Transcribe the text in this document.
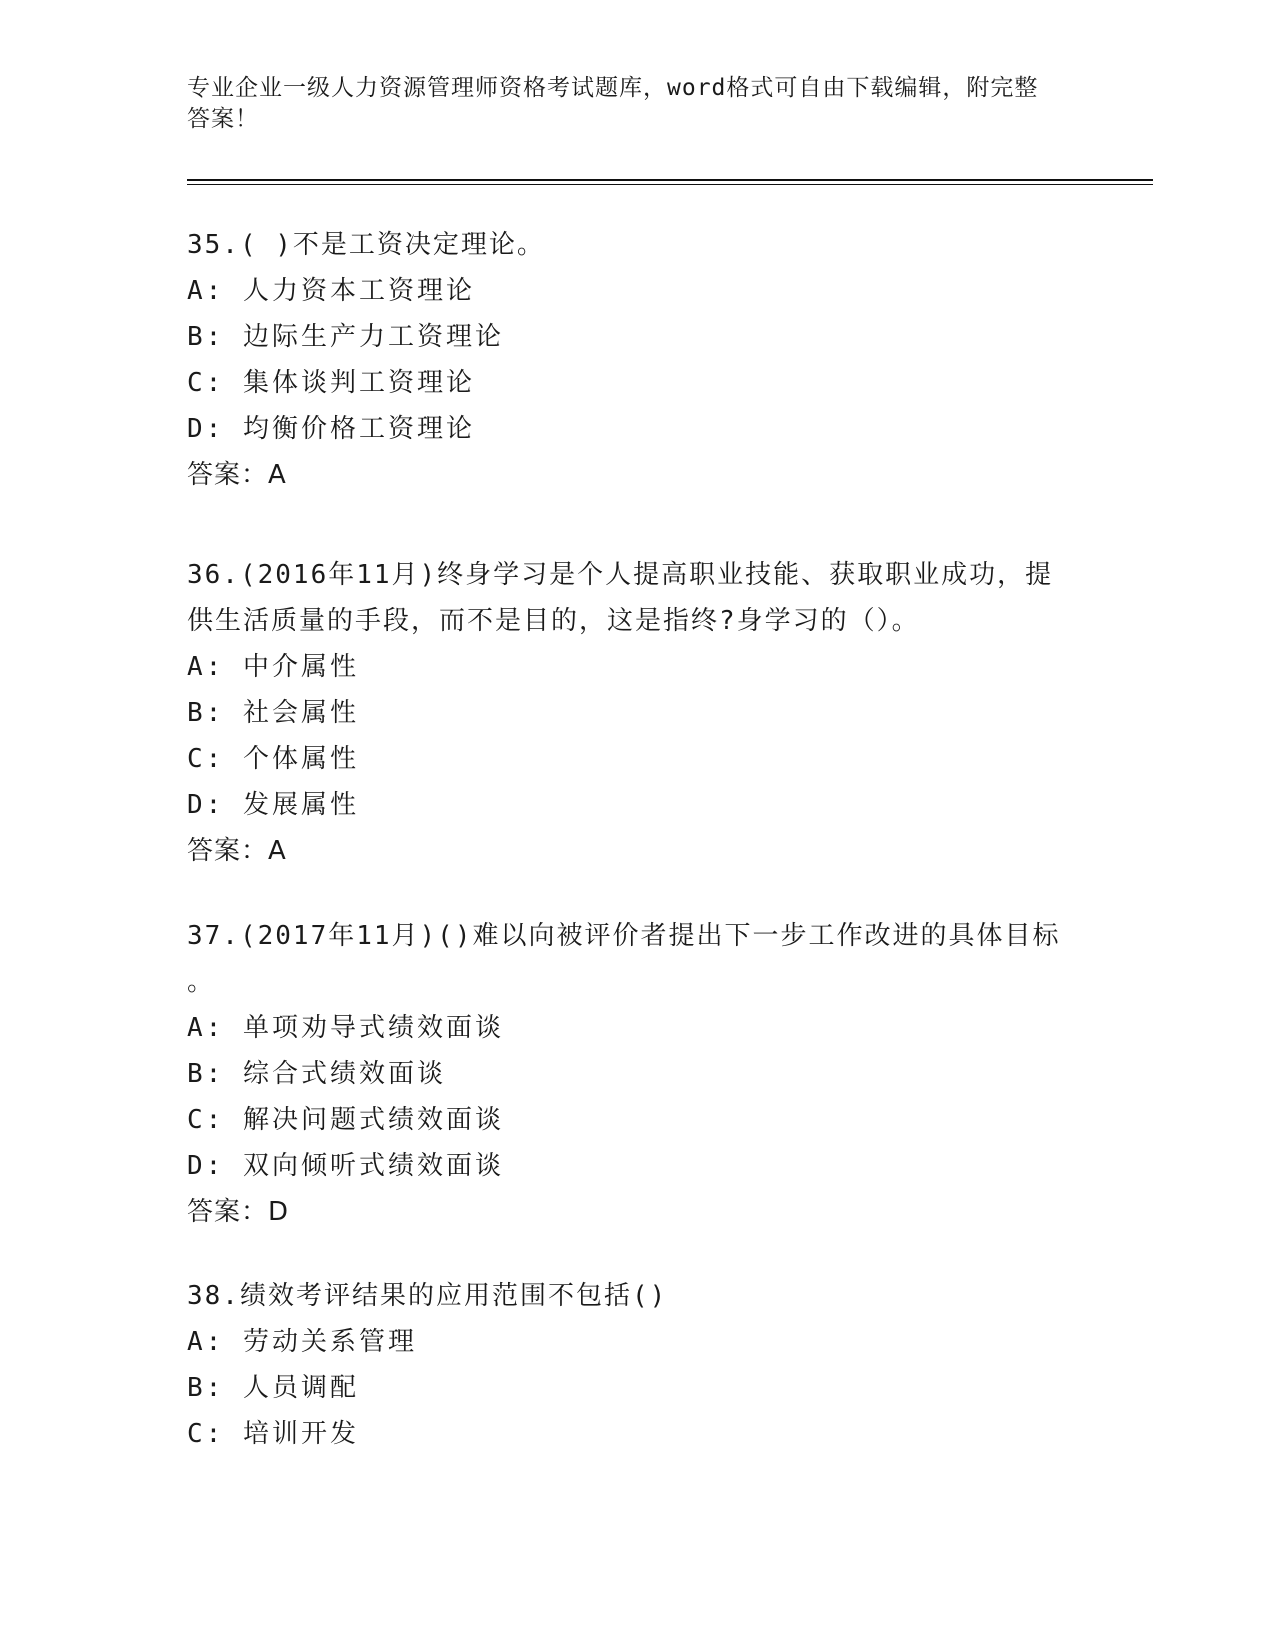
专业企业一级人力资源管理师资格考试题库，word格式可自由下载编辑，附完整
答案！

35.( )不是工资决定理论。

A: 人力资本工资理论

B: 边际生产力工资理论

C: 集体谈判工资理论

D: 均衡价格工资理论

答案：A

36.(2016年11月)终身学习是个人提高职业技能、获取职业成功，提

供生活质量的手段，而不是目的，这是指终?身学习的（）。

A: 中介属性

B: 社会属性

C: 个体属性

D: 发展属性

答案：A

37.(2017年11月)()难以向被评价者提出下一步工作改进的具体目标

。

A: 单项劝导式绩效面谈

B: 综合式绩效面谈

C: 解决问题式绩效面谈

D: 双向倾听式绩效面谈

答案：D

38.绩效考评结果的应用范围不包括()

A: 劳动关系管理

B: 人员调配

C: 培训开发
